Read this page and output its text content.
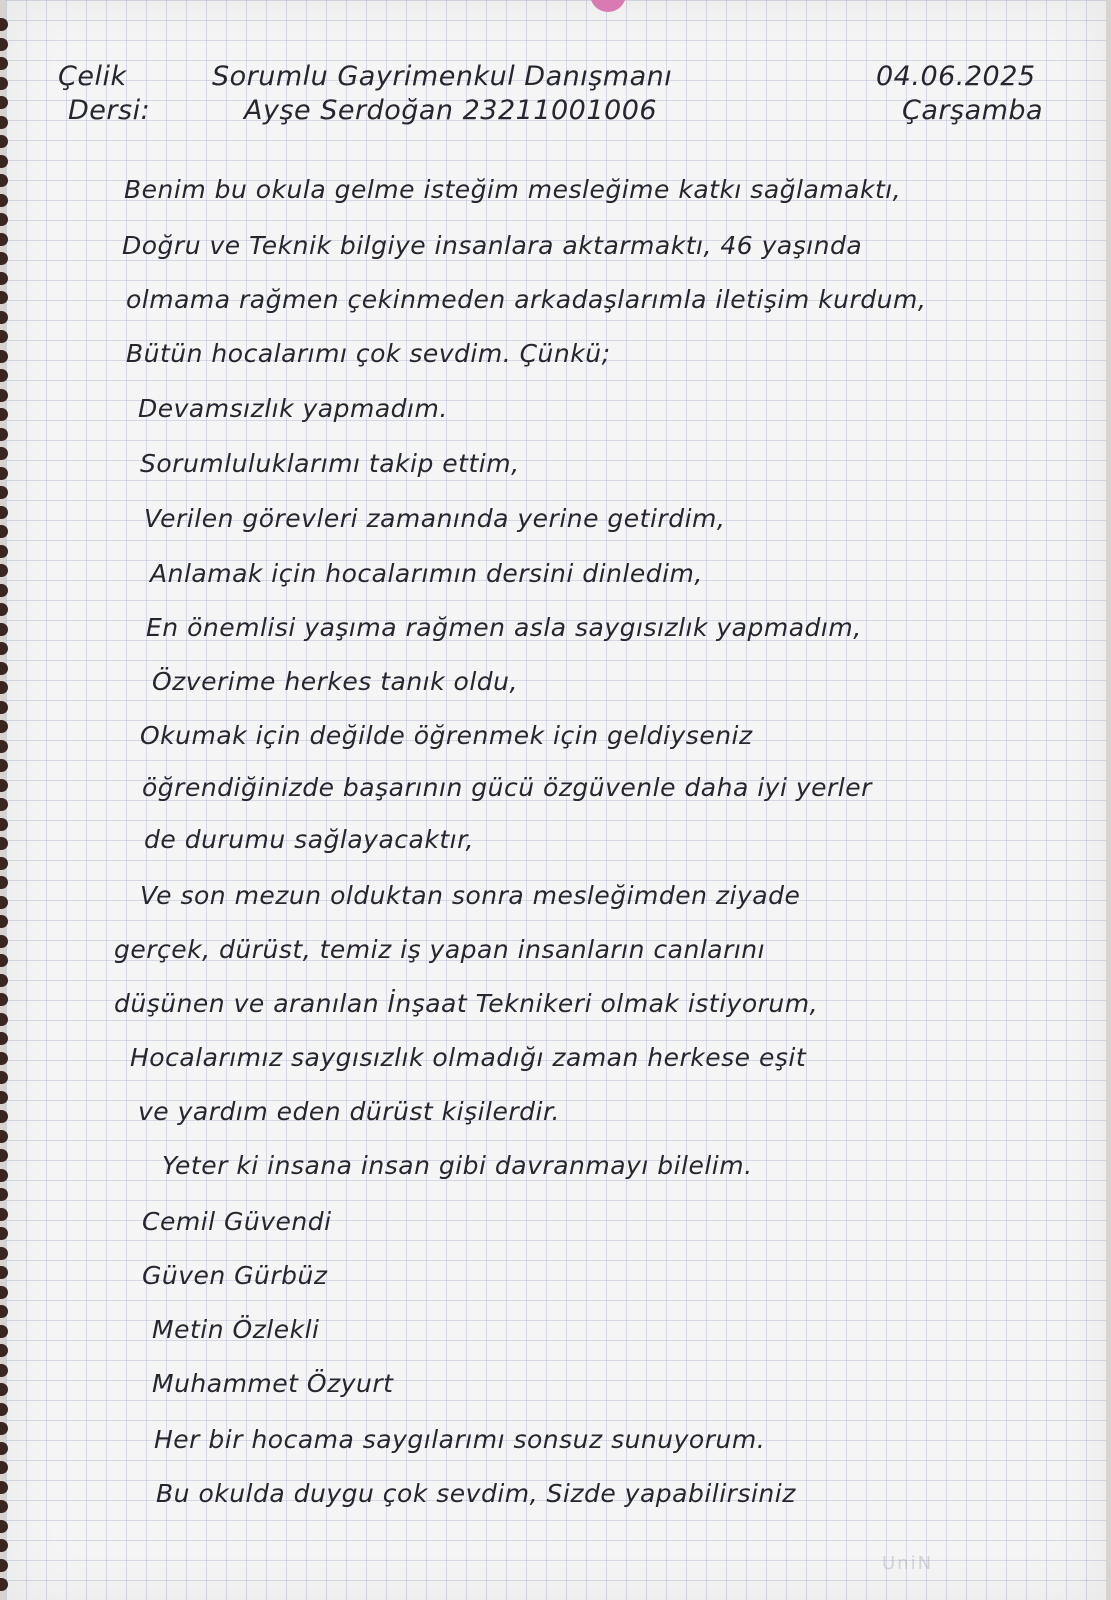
Çelik
Dersi:
Sorumlu Gayrimenkul Danışmanı
Ayşe Serdoğan 23211001006
04.06.2025
Çarşamba
Benim bu okula gelme isteğim mesleğime katkı sağlamaktı,
Doğru ve Teknik bilgiye insanlara aktarmaktı, 46 yaşında
olmama rağmen çekinmeden arkadaşlarımla iletişim kurdum,
Bütün hocalarımı çok sevdim. Çünkü;
Devamsızlık yapmadım.
Sorumluluklarımı takip ettim,
Verilen görevleri zamanında yerine getirdim,
Anlamak için hocalarımın dersini dinledim,
En önemlisi yaşıma rağmen asla saygısızlık yapmadım,
Özverime herkes tanık oldu,
Okumak için değilde öğrenmek için geldiyseniz
öğrendiğinizde başarının gücü özgüvenle daha iyi yerler
de durumu sağlayacaktır,
Ve son mezun olduktan sonra mesleğimden ziyade
gerçek, dürüst, temiz iş yapan insanların canlarını
düşünen ve aranılan İnşaat Teknikeri olmak istiyorum,
Hocalarımız saygısızlık olmadığı zaman herkese eşit
ve yardım eden dürüst kişilerdir.
Yeter ki insana insan gibi davranmayı bilelim.
Cemil Güvendi
Güven Gürbüz
Metin Özlekli
Muhammet Özyurt
Her bir hocama saygılarımı sonsuz sunuyorum.
Bu okulda duygu çok sevdim, Sizde yapabilirsiniz
UniN
